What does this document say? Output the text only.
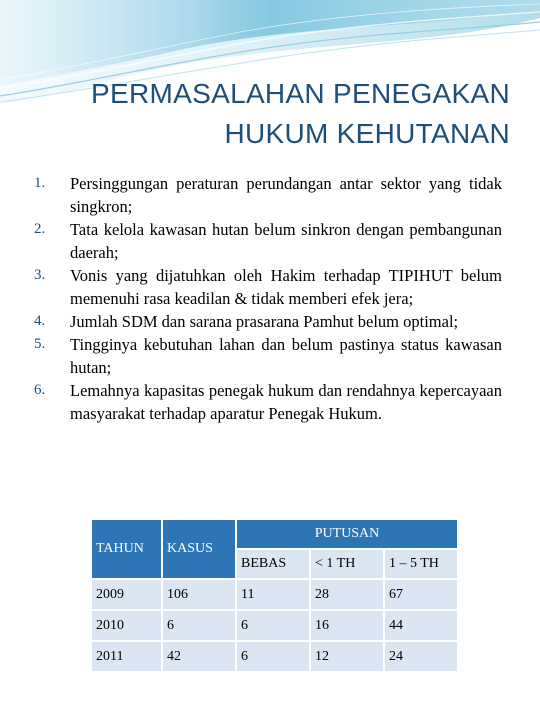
PERMASALAHAN PENEGAKAN
HUKUM KEHUTANAN
1. Persinggungan peraturan perundangan antar sektor yang tidak singkron;
2. Tata kelola kawasan hutan belum sinkron dengan pembangunan daerah;
3. Vonis yang dijatuhkan oleh Hakim terhadap TIPIHUT belum memenuhi rasa keadilan & tidak memberi efek jera;
4. Jumlah SDM dan sarana prasarana Pamhut belum optimal;
5. Tingginya kebutuhan lahan dan belum pastinya status kawasan hutan;
6. Lemahnya kapasitas penegak hukum dan rendahnya kepercayaan masyarakat terhadap aparatur Penegak Hukum.
TAHUN	KASUS	PUTUSAN		
		BEBAS	< 1 TH	1 – 5 TH
2009	106	11	28	67
2010	6	6	16	44
2011	42	6	12	24
